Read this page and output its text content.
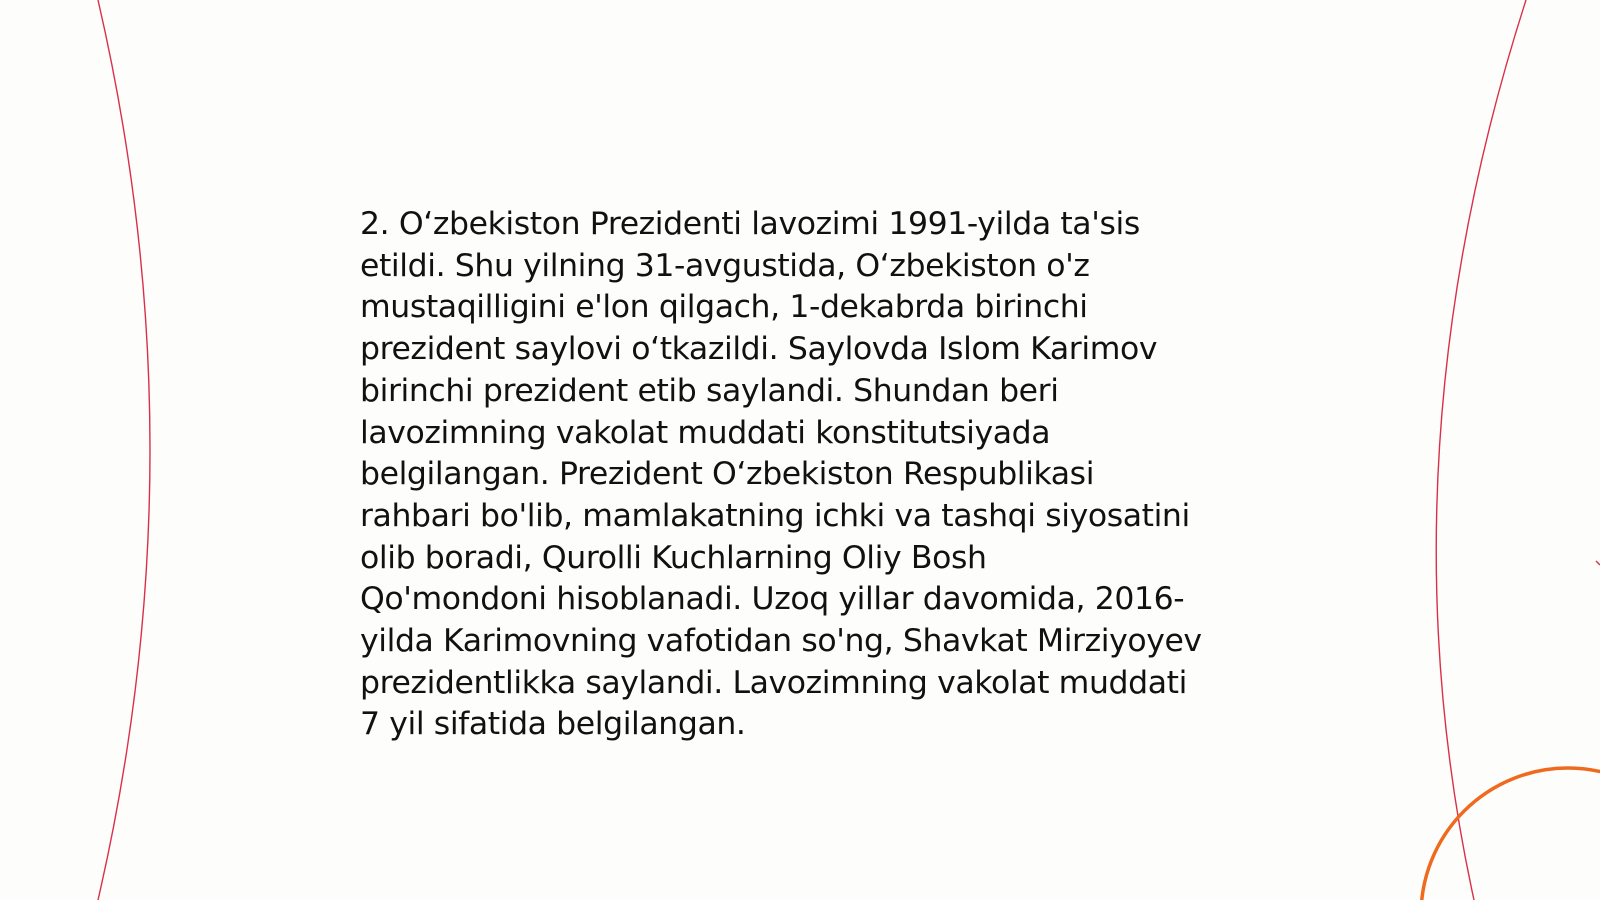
2. O‘zbekiston Prezidenti lavozimi 1991-yilda ta'sis
etildi. Shu yilning 31-avgustida, O‘zbekiston o'z
mustaqilligini e'lon qilgach, 1-dekabrda birinchi
prezident saylovi o‘tkazildi. Saylovda Islom Karimov
birinchi prezident etib saylandi. Shundan beri
lavozimning vakolat muddati konstitutsiyada
belgilangan. Prezident O‘zbekiston Respublikasi
rahbari bo'lib, mamlakatning ichki va tashqi siyosatini
olib boradi, Qurolli Kuchlarning Oliy Bosh
Qo'mondoni hisoblanadi. Uzoq yillar davomida, 2016-
yilda Karimovning vafotidan so'ng, Shavkat Mirziyoyev
prezidentlikka saylandi. Lavozimning vakolat muddati
7 yil sifatida belgilangan.
